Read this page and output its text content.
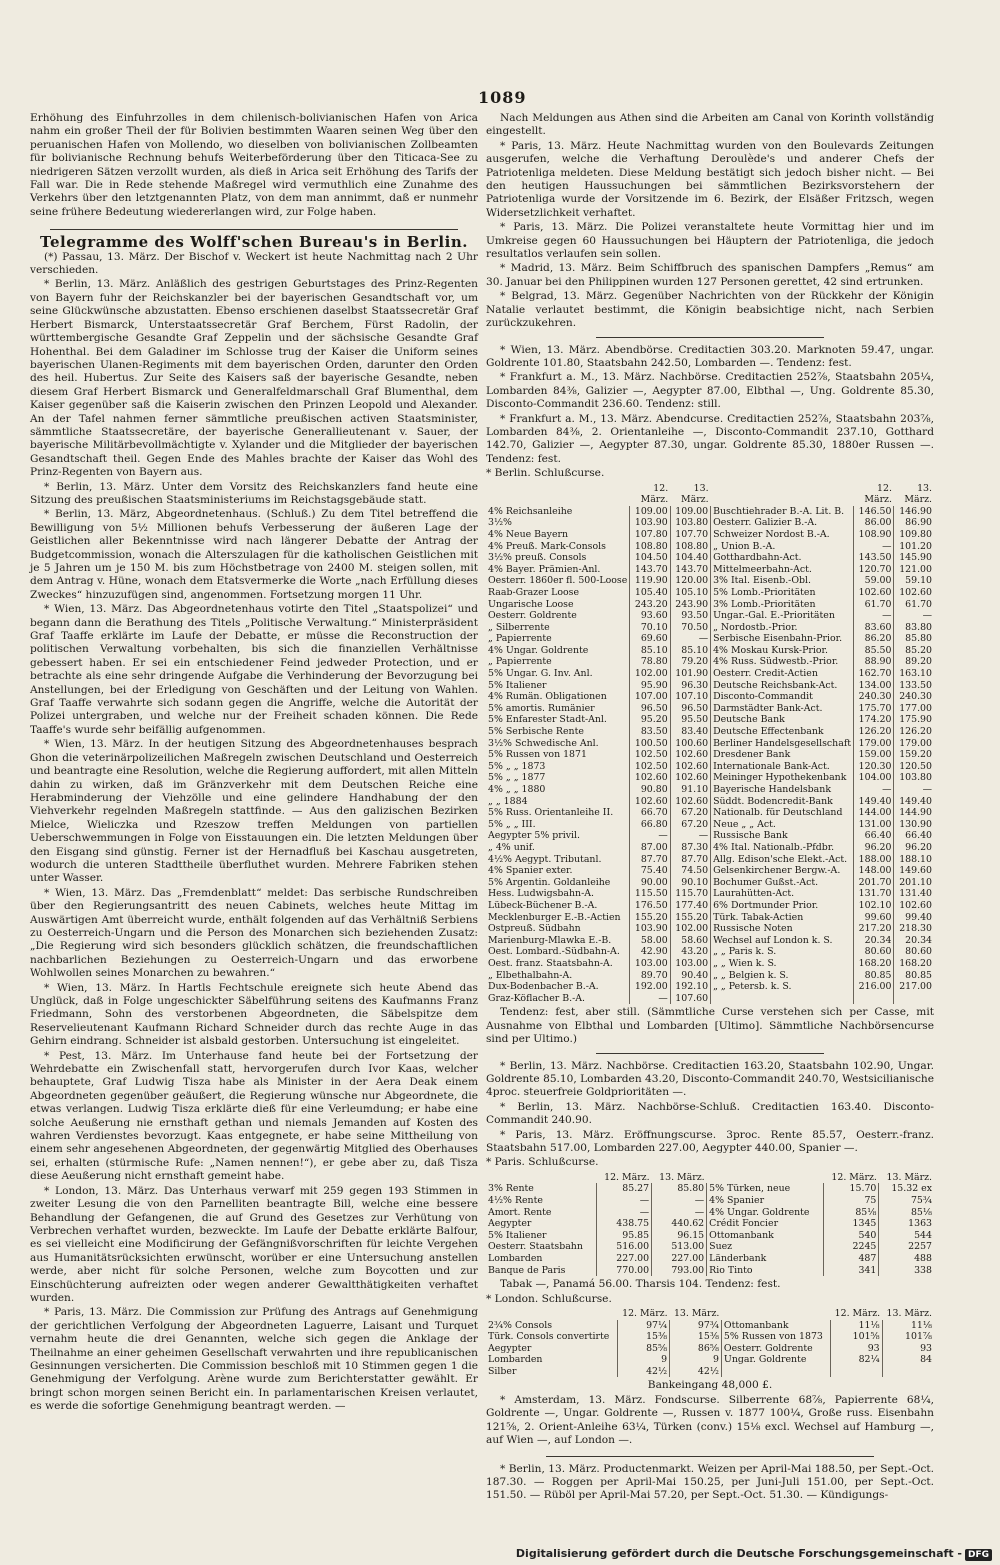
1089

Erhöhung des Einfuhrzolles in dem chilenisch-bolivianischen Hafen von Arica nahm ein großer Theil der für Bolivien bestimmten Waaren seinen Weg über den peruanischen Hafen von Mollendo, wo dieselben von bolivianischen Zollbeamten für bolivianische Rechnung behufs Weiterbeförderung über den Titicaca-See zu niedrigeren Sätzen verzollt wurden, als dieß in Arica seit Erhöhung des Tarifs der Fall war. Die in Rede stehende Maßregel wird vermuthlich eine Zunahme des Verkehrs über den letztgenannten Platz, von dem man annimmt, daß er nunmehr seine frühere Bedeutung wiedererlangen wird, zur Folge haben.

Telegramme des Wolff'schen Bureau's in Berlin.

(*) Passau, 13. März. Der Bischof v. Weckert ist heute Nachmittag nach 2 Uhr verschieden.

* Berlin, 13. März. Anläßlich des gestrigen Geburtstages des Prinz-Regenten von Bayern fuhr der Reichskanzler bei der bayerischen Gesandtschaft vor, um seine Glückwünsche abzustatten. Ebenso erschienen daselbst Staatssecretär Graf Herbert Bismarck, Unterstaatssecretär Graf Berchem, Fürst Radolin, der württembergische Gesandte Graf Zeppelin und der sächsische Gesandte Graf Hohenthal. Bei dem Galadiner im Schlosse trug der Kaiser die Uniform seines bayerischen Ulanen-Regiments mit dem bayerischen Orden, darunter den Orden des heil. Hubertus. Zur Seite des Kaisers saß der bayerische Gesandte, neben diesem Graf Herbert Bismarck und Generalfeldmarschall Graf Blumenthal, dem Kaiser gegenüber saß die Kaiserin zwischen den Prinzen Leopold und Alexander. An der Tafel nahmen ferner sämmtliche preußischen activen Staatsminister, sämmtliche Staatssecretäre, der bayerische Generallieutenant v. Sauer, der bayerische Militärbevollmächtigte v. Xylander und die Mitglieder der bayerischen Gesandtschaft theil. Gegen Ende des Mahles brachte der Kaiser das Wohl des Prinz-Regenten von Bayern aus.

* Berlin, 13. März. Unter dem Vorsitz des Reichskanzlers fand heute eine Sitzung des preußischen Staatsministeriums im Reichstagsgebäude statt.

* Berlin, 13. März, Abgeordnetenhaus. (Schluß.) Zu dem Titel betreffend die Bewilligung von 5½ Millionen behufs Verbesserung der äußeren Lage der Geistlichen aller Bekenntnisse wird nach längerer Debatte der Antrag der Budgetcommission, wonach die Alterszulagen für die katholischen Geistlichen mit je 5 Jahren um je 150 M. bis zum Höchstbetrage von 2400 M. steigen sollen, mit dem Antrag v. Hüne, wonach dem Etatsvermerke die Worte „nach Erfüllung dieses Zweckes“ hinzuzufügen sind, angenommen. Fortsetzung morgen 11 Uhr.

* Wien, 13. März. Das Abgeordnetenhaus votirte den Titel „Staatspolizei“ und begann dann die Berathung des Titels „Politische Verwaltung.“ Ministerpräsident Graf Taaffe erklärte im Laufe der Debatte, er müsse die Reconstruction der politischen Verwaltung vorbehalten, bis sich die finanziellen Verhältnisse gebessert haben. Er sei ein entschiedener Feind jedweder Protection, und er betrachte als eine sehr dringende Aufgabe die Verhinderung der Bevorzugung bei Anstellungen, bei der Erledigung von Geschäften und der Leitung von Wahlen. Graf Taaffe verwahrte sich sodann gegen die Angriffe, welche die Autorität der Polizei untergraben, und welche nur der Freiheit schaden können. Die Rede Taaffe's wurde sehr beifällig aufgenommen.

* Wien, 13. März. In der heutigen Sitzung des Abgeordnetenhauses besprach Ghon die veterinärpolizeilichen Maßregeln zwischen Deutschland und Oesterreich und beantragte eine Resolution, welche die Regierung auffordert, mit allen Mitteln dahin zu wirken, daß im Gränzverkehr mit dem Deutschen Reiche eine Herabminderung der Viehzölle und eine gelindere Handhabung der den Viehverkehr regelnden Maßregeln stattfinde. — Aus den galizischen Bezirken Mielce, Wieliczka und Rzeszow treffen Meldungen von partiellen Ueberschwemmungen in Folge von Eisstauungen ein. Die letzten Meldungen über den Eisgang sind günstig. Ferner ist der Hernadfluß bei Kaschau ausgetreten, wodurch die unteren Stadttheile überfluthet wurden. Mehrere Fabriken stehen unter Wasser.

* Wien, 13. März. Das „Fremdenblatt“ meldet: Das serbische Rundschreiben über den Regierungsantritt des neuen Cabinets, welches heute Mittag im Auswärtigen Amt überreicht wurde, enthält folgenden auf das Verhältniß Serbiens zu Oesterreich-Ungarn und die Person des Monarchen sich beziehenden Zusatz: „Die Regierung wird sich besonders glücklich schätzen, die freundschaftlichen nachbarlichen Beziehungen zu Oesterreich-Ungarn und das erworbene Wohlwollen seines Monarchen zu bewahren.“

* Wien, 13. März. In Hartls Fechtschule ereignete sich heute Abend das Unglück, daß in Folge ungeschickter Säbelführung seitens des Kaufmanns Franz Friedmann, Sohn des verstorbenen Abgeordneten, die Säbelspitze dem Reservelieutenant Kaufmann Richard Schneider durch das rechte Auge in das Gehirn eindrang. Schneider ist alsbald gestorben. Untersuchung ist eingeleitet.

* Pest, 13. März. Im Unterhause fand heute bei der Fortsetzung der Wehrdebatte ein Zwischenfall statt, hervorgerufen durch Ivor Kaas, welcher behauptete, Graf Ludwig Tisza habe als Minister in der Aera Deak einem Abgeordneten gegenüber geäußert, die Regierung wünsche nur Abgeordnete, die etwas verlangen. Ludwig Tisza erklärte dieß für eine Verleumdung; er habe eine solche Aeußerung nie ernsthaft gethan und niemals Jemanden auf Kosten des wahren Verdienstes bevorzugt. Kaas entgegnete, er habe seine Mittheilung von einem sehr angesehenen Abgeordneten, der gegenwärtig Mitglied des Oberhauses sei, erhalten (stürmische Rufe: „Namen nennen!“), er gebe aber zu, daß Tisza diese Aeußerung nicht ernsthaft gemeint habe.

* London, 13. März. Das Unterhaus verwarf mit 259 gegen 193 Stimmen in zweiter Lesung die von den Parnelliten beantragte Bill, welche eine bessere Behandlung der Gefangenen, die auf Grund des Gesetzes zur Verhütung von Verbrechen verhaftet wurden, bezweckte. Im Laufe der Debatte erklärte Balfour, es sei vielleicht eine Modificirung der Gefängnißvorschriften für leichte Vergehen aus Humanitätsrücksichten erwünscht, worüber er eine Untersuchung anstellen werde, aber nicht für solche Personen, welche zum Boycotten und zur Einschüchterung aufreizten oder wegen anderer Gewaltthätigkeiten verhaftet wurden.

* Paris, 13. März. Die Commission zur Prüfung des Antrags auf Genehmigung der gerichtlichen Verfolgung der Abgeordneten Laguerre, Laisant und Turquet vernahm heute die drei Genannten, welche sich gegen die Anklage der Theilnahme an einer geheimen Gesellschaft verwahrten und ihre republicanischen Gesinnungen versicherten. Die Commission beschloß mit 10 Stimmen gegen 1 die Genehmigung der Verfolgung. Arène wurde zum Berichterstatter gewählt. Er bringt schon morgen seinen Bericht ein. In parlamentarischen Kreisen verlautet, es werde die sofortige Genehmigung beantragt werden. —

Nach Meldungen aus Athen sind die Arbeiten am Canal von Korinth vollständig eingestellt.

* Paris, 13. März. Heute Nachmittag wurden von den Boulevards Zeitungen ausgerufen, welche die Verhaftung Deroulède's und anderer Chefs der Patriotenliga meldeten. Diese Meldung bestätigt sich jedoch bisher nicht. — Bei den heutigen Haussuchungen bei sämmtlichen Bezirksvorstehern der Patriotenliga wurde der Vorsitzende im 6. Bezirk, der Elsäßer Fritzsch, wegen Widersetzlichkeit verhaftet.

* Paris, 13. März. Die Polizei veranstaltete heute Vormittag hier und im Umkreise gegen 60 Haussuchungen bei Häuptern der Patriotenliga, die jedoch resultatlos verlaufen sein sollen.

* Madrid, 13. März. Beim Schiffbruch des spanischen Dampfers „Remus“ am 30. Januar bei den Philippinen wurden 127 Personen gerettet, 42 sind ertrunken.

* Belgrad, 13. März. Gegenüber Nachrichten von der Rückkehr der Königin Natalie verlautet bestimmt, die Königin beabsichtige nicht, nach Serbien zurückzukehren.

* Wien, 13. März. Abendbörse. Creditactien 303.20. Marknoten 59.47, ungar. Goldrente 101.80, Staatsbahn 242.50, Lombarden —. Tendenz: fest.

* Frankfurt a. M., 13. März. Nachbörse. Creditactien 252⅞, Staatsbahn 205¼, Lombarden 84⅜, Galizier —, Aegypter 87.00, Elbthal —, Ung. Goldrente 85.30, Disconto-Commandit 236.60. Tendenz: still.

* Frankfurt a. M., 13. März. Abendcurse. Creditactien 252⅞, Staatsbahn 203⅞, Lombarden 84⅜, 2. Orientanleihe —, Disconto-Commandit 237.10, Gotthard 142.70, Galizier —, Aegypter 87.30, ungar. Goldrente 85.30, 1880er Russen —. Tendenz: fest.

* Berlin. Schlußcurse.

	12. März.	13. März.		12. März.	13. März.
4% Reichsanleihe	109.00	109.00	Buschtiehrader B.-A. Lit. B.	146.50	146.90
3½%	103.90	103.80	Oesterr. Galizier B.-A.	86.00	86.90
4% Neue Bayern	107.80	107.70	Schweizer Nordost B.-A.	108.90	109.80
4% Preuß. Mark-Consols	108.80	108.80	„ Union B.-A.	—	101.20
3½% preuß. Consols	104.50	104.40	Gotthardbahn-Act.	143.50	145.90
4% Bayer. Prämien-Anl.	143.70	143.70	Mittelmeerbahn-Act.	120.70	121.00
Oesterr. 1860er fl. 500-Loose	119.90	120.00	3% Ital. Eisenb.-Obl.	59.00	59.10
Raab-Grazer Loose	105.40	105.10	5% Lomb.-Prioritäten	102.60	102.60
Ungarische Loose	243.20	243.90	3% Lomb.-Prioritäten	61.70	61.70
Oesterr. Goldrente	93.60	93.50	Ungar.-Gal. E.-Prioritäten	—	—
„ Silberrente	70.10	70.50	„ Nordostb.-Prior.	83.60	83.80
„ Papierrente	69.60	—	Serbische Eisenbahn-Prior.	86.20	85.80
4% Ungar. Goldrente	85.10	85.10	4% Moskau Kursk-Prior.	85.50	85.20
„ Papierrente	78.80	79.20	4% Russ. Südwestb.-Prior.	88.90	89.20
5% Ungar. G. Inv. Anl.	102.00	101.90	Oesterr. Credit-Actien	162.70	163.10
5% Italiener	95.90	96.30	Deutsche Reichsbank-Act.	134.00	133.50
4% Rumän. Obligationen	107.00	107.10	Disconto-Commandit	240.30	240.30
5% amortis. Rumänier	96.50	96.50	Darmstädter Bank-Act.	175.70	177.00
5% Enfarester Stadt-Anl.	95.20	95.50	Deutsche Bank	174.20	175.90
5% Serbische Rente	83.50	83.40	Deutsche Effectenbank	126.20	126.20
3½% Schwedische Anl.	100.50	100.60	Berliner Handelsgesellschaft	179.00	179.00
5% Russen von 1871	102.50	102.60	Dresdener Bank	159.00	159.20
5% „ „ 1873	102.50	102.60	Internationale Bank-Act.	120.30	120.50
5% „ „ 1877	102.60	102.60	Meininger Hypothekenbank	104.00	103.80
4% „ „ 1880	90.80	91.10	Bayerische Handelsbank	—	—
„ „ 1884	102.60	102.60	Süddt. Bodencredit-Bank	149.40	149.40
5% Russ. Orientanleihe II.	66.70	67.20	Nationalb. für Deutschland	144.00	144.90
5% „ „ III.	66.80	67.20	Neue „ „ Act.	131.00	130.90
Aegypter 5% privil.	—	—	Russische Bank	66.40	66.40
„ 4% unif.	87.00	87.30	4% Ital. Nationalb.-Pfdbr.	96.20	96.20
4½% Aegypt. Tributanl.	87.70	87.70	Allg. Edison'sche Elekt.-Act.	188.00	188.10
4% Spanier exter.	75.40	74.50	Gelsenkirchener Bergw.-A.	148.00	149.60
5% Argentin. Goldanleihe	90.00	90.10	Bochumer Gußst.-Act.	201.70	201.10
Hess. Ludwigsbahn-A.	115.50	115.70	Laurahütten-Act.	131.70	131.40
Lübeck-Büchener B.-A.	176.50	177.40	6% Dortmunder Prior.	102.10	102.60
Mecklenburger E.-B.-Actien	155.20	155.20	Türk. Tabak-Actien	99.60	99.40
Ostpreuß. Südbahn	103.90	102.00	Russische Noten	217.20	218.30
Marienburg-Mlawka E.-B.	58.00	58.60	Wechsel auf London k. S.	20.34	20.34
Oest. Lombard.-Südbahn-A.	42.90	43.20	„ „ Paris k. S.	80.60	80.60
Oest. franz. Staatsbahn-A.	103.00	103.00	„ „ Wien k. S.	168.20	168.20
„ Elbethalbahn-A.	89.70	90.40	„ „ Belgien k. S.	80.85	80.85
Dux-Bodenbacher B.-A.	192.00	192.10	„ „ Petersb. k. S.	216.00	217.00
Graz-Köflacher B.-A.	—	107.60			

Tendenz: fest, aber still. (Sämmtliche Curse verstehen sich per Casse, mit Ausnahme von Elbthal und Lombarden [Ultimo]. Sämmtliche Nachbörsencurse sind per Ultimo.)

* Berlin, 13. März. Nachbörse. Creditactien 163.20, Staatsbahn 102.90, Ungar. Goldrente 85.10, Lombarden 43.20, Disconto-Commandit 240.70, Westsicilianische 4proc. steuerfreie Goldprioritäten —.

* Berlin, 13. März. Nachbörse-Schluß. Creditactien 163.40. Disconto-Commandit 240.90.

* Paris, 13. März. Eröffnungscurse. 3proc. Rente 85.57, Oesterr.-franz. Staatsbahn 517.00, Lombarden 227.00, Aegypter 440.00, Spanier —.

* Paris. Schlußcurse.

	12. März.	13. März.		12. März.	13. März.
3% Rente	85.27	85.80	5% Türken, neue	15.70	15.32 ex
4½% Rente	—	—	4% Spanier	75	75¾
Amort. Rente	—	—	4% Ungar. Goldrente	85⅛	85⅛
Aegypter	438.75	440.62	Crédit Foncier	1345	1363
5% Italiener	95.85	96.15	Ottomanbank	540	544
Oesterr. Staatsbahn	516.00	513.00	Suez	2245	2257
Lombarden	227.00	227.00	Länderbank	487	488
Banque de Paris	770.00	793.00	Rio Tinto	341	338

Tabak —, Panamá 56.00. Tharsis 104. Tendenz: fest.

* London. Schlußcurse.

	12. März.	13. März.		12. März.	13. März.
2¾% Consols	97¼	97¾	Ottomanbank	11⅛	11⅛
Türk. Consols convertirte	15⅜	15⅜	5% Russen von 1873	101⅝	101⅞
Aegypter	85⅝	86⅝	Oesterr. Goldrente	93	93
Lombarden	9	9	Ungar. Goldrente	82¼	84
Silber	42½	42½			

Bankeingang 48,000 £.

* Amsterdam, 13. März. Fondscurse. Silberrente 68⅞, Papierrente 68¼, Goldrente —, Ungar. Goldrente —, Russen v. 1877 100¼, Große russ. Eisenbahn 121⅝, 2. Orient-Anleihe 63¼, Türken (conv.) 15⅛ excl. Wechsel auf Hamburg —, auf Wien —, auf London —.

* Berlin, 13. März. Productenmarkt. Weizen per April-Mai 188.50, per Sept.-Oct. 187.30. — Roggen per April-Mai 150.25, per Juni-Juli 151.00, per Sept.-Oct. 151.50. — Rüböl per April-Mai 57.20, per Sept.-Oct. 51.30. — Kündigungs-

Digitalisierung gefördert durch die Deutsche Forschungsgemeinschaft - DFG
